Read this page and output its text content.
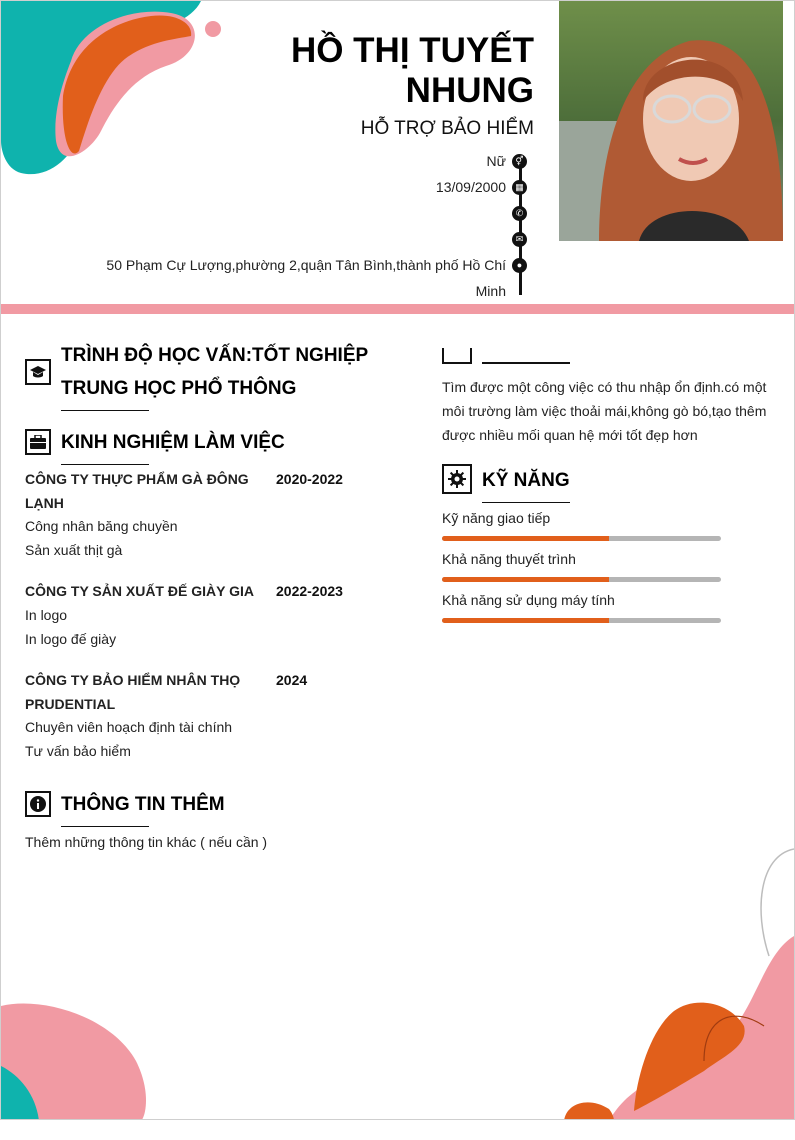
HỒ THỊ TUYẾT NHUNG
HỖ TRỢ BẢO HIỂM
Nữ	⚥
13/09/2000	▦
✆
✉
50 Phạm Cự Lượng,phường 2,quận Tân Bình,thành phố Hồ Chí Minh
●
TRÌNH ĐỘ HỌC VẤN:TỐT NGHIỆP TRUNG HỌC PHỔ THÔNG
KINH NGHIỆM LÀM VIỆC
CÔNG TY THỰC PHẨM GÀ ĐÔNG LẠNH
2020-2022
Công nhân băng chuyền
Sản xuất thịt gà
CÔNG TY SẢN XUẤT ĐẾ GIÀY GIA	2022-2023
In logo
In logo đế giày
CÔNG TY BẢO HIỂM NHÂN THỌ PRUDENTIAL
2024
Chuyên viên hoạch định tài chính
Tư vấn bảo hiểm
THÔNG TIN THÊM
Thêm những thông tin khác ( nếu cần )
Tìm được một công việc có thu nhập ổn định.có một môi trường làm việc thoải mái,không gò bó,tạo thêm được nhiều mối quan hệ mới tốt đẹp hơn
KỸ NĂNG
Kỹ năng giao tiếp
Khả năng thuyết trình
Khả năng sử dụng máy tính
